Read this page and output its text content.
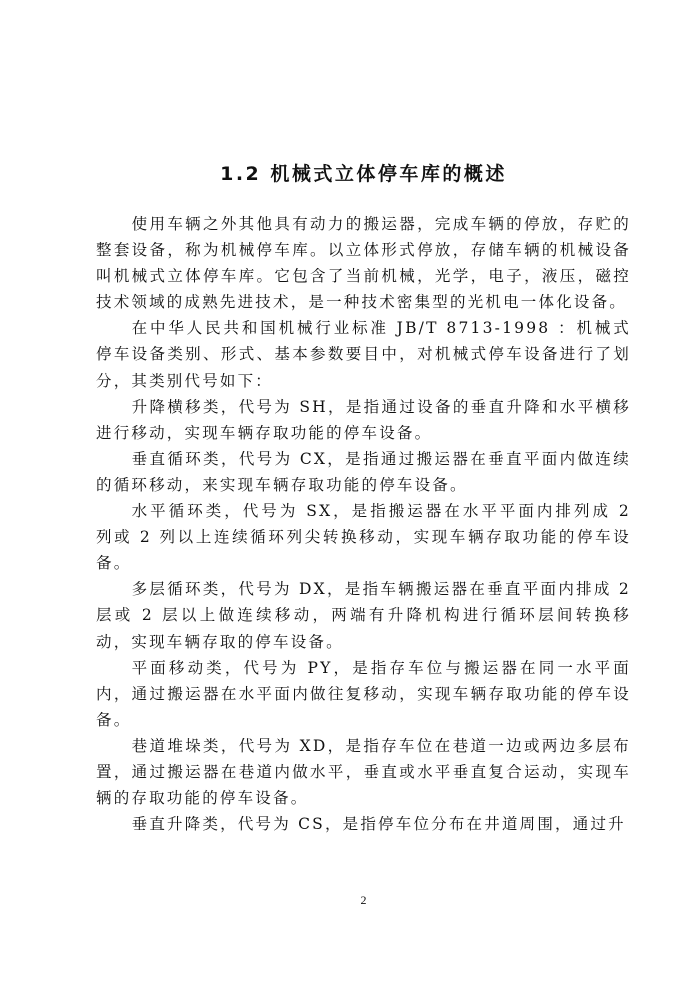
1.2 机械式立体停车库的概述

使用车辆之外其他具有动力的搬运器，完成车辆的停放，存贮的整套设备，称为机械停车库。以立体形式停放，存储车辆的机械设备叫机械式立体停车库。它包含了当前机械，光学，电子，液压，磁控技术领域的成熟先进技术，是一种技术密集型的光机电一体化设备。

在中华人民共和国机械行业标准 JB/T 8713-1998 ：机械式停车设备类别、形式、基本参数要目中，对机械式停车设备进行了划分，其类别代号如下：

升降横移类，代号为 SH，是指通过设备的垂直升降和水平横移进行移动，实现车辆存取功能的停车设备。

垂直循环类，代号为 CX，是指通过搬运器在垂直平面内做连续的循环移动，来实现车辆存取功能的停车设备。

水平循环类，代号为 SX，是指搬运器在水平平面内排列成 2 列或 2 列以上连续循环列尖转换移动，实现车辆存取功能的停车设备。

多层循环类，代号为 DX，是指车辆搬运器在垂直平面内排成 2 层或 2 层以上做连续移动，两端有升降机构进行循环层间转换移动，实现车辆存取的停车设备。

平面移动类，代号为 PY，是指存车位与搬运器在同一水平面内，通过搬运器在水平面内做往复移动，实现车辆存取功能的停车设备。

巷道堆垛类，代号为 XD，是指存车位在巷道一边或两边多层布置，通过搬运器在巷道内做水平，垂直或水平垂直复合运动，实现车辆的存取功能的停车设备。

垂直升降类，代号为 CS，是指停车位分布在井道周围，通过升

2
